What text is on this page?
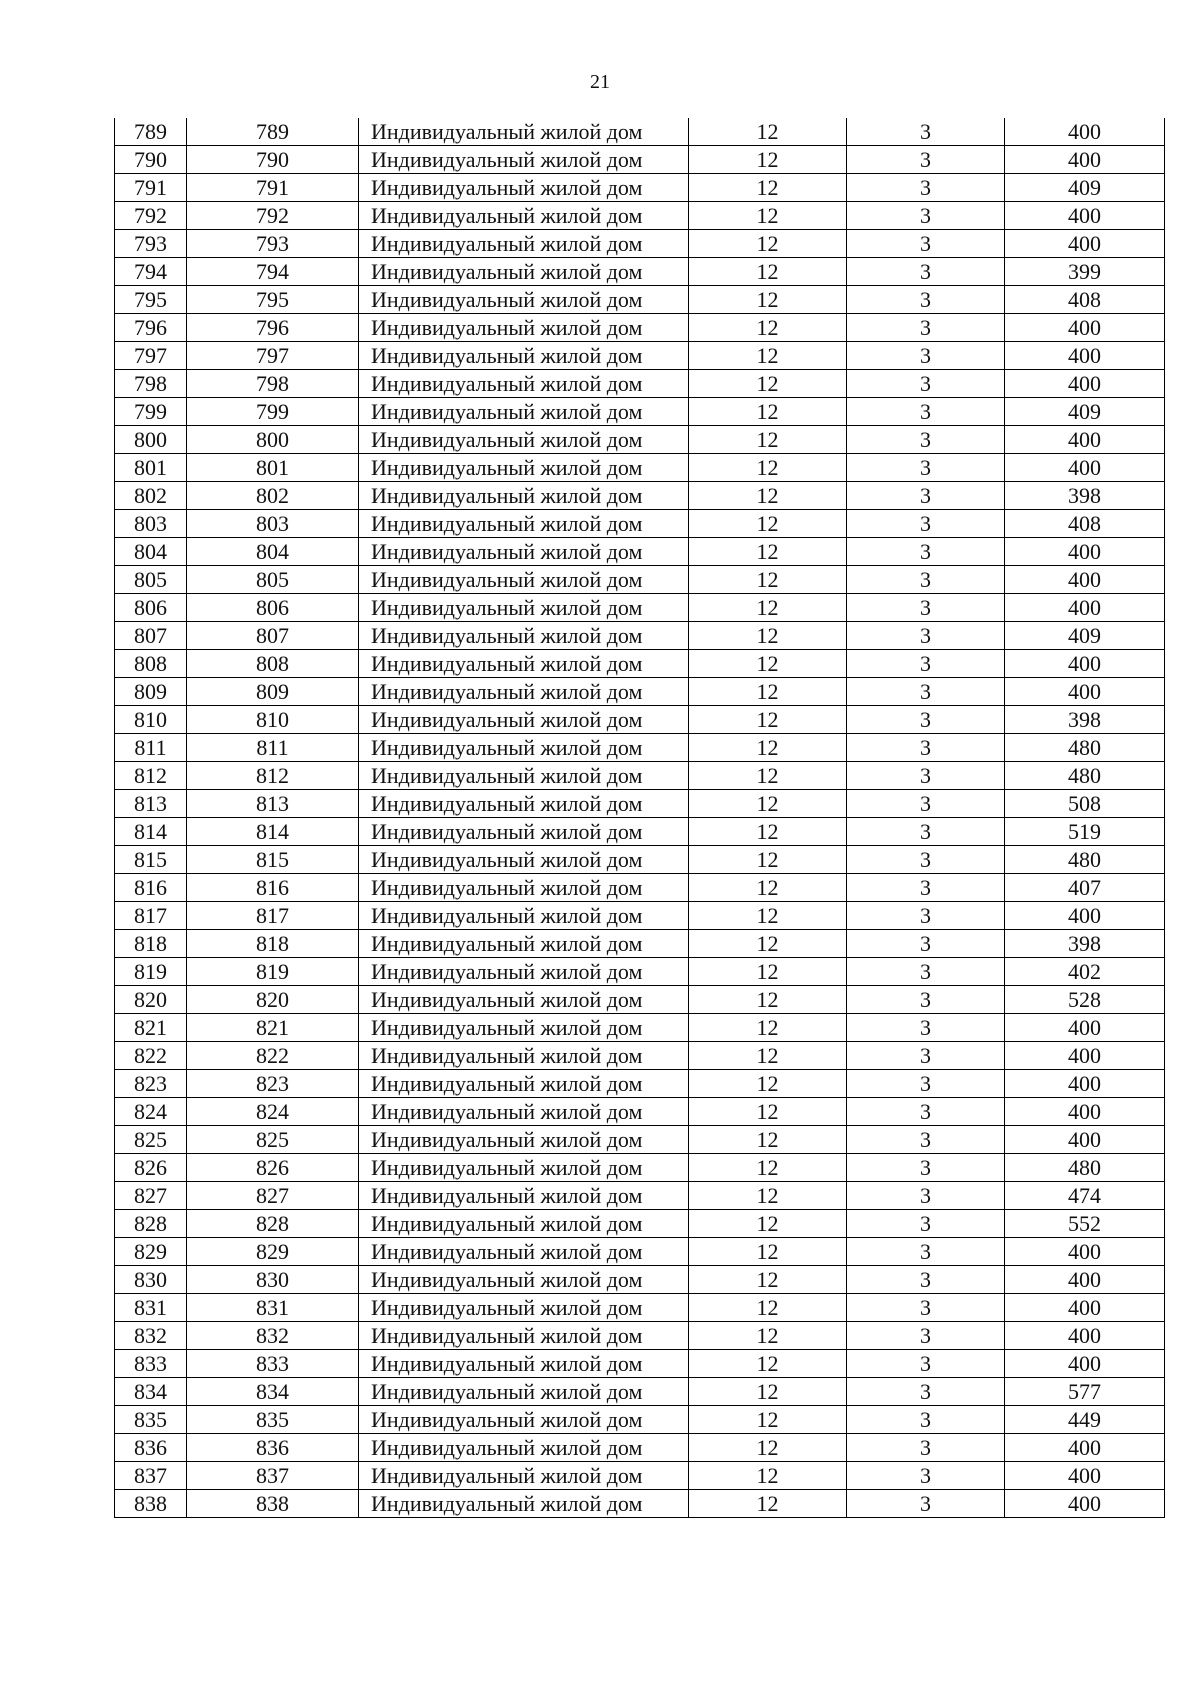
21
789	789	Индивидуальный жилой дом	12	3	400
790	790	Индивидуальный жилой дом	12	3	400
791	791	Индивидуальный жилой дом	12	3	409
792	792	Индивидуальный жилой дом	12	3	400
793	793	Индивидуальный жилой дом	12	3	400
794	794	Индивидуальный жилой дом	12	3	399
795	795	Индивидуальный жилой дом	12	3	408
796	796	Индивидуальный жилой дом	12	3	400
797	797	Индивидуальный жилой дом	12	3	400
798	798	Индивидуальный жилой дом	12	3	400
799	799	Индивидуальный жилой дом	12	3	409
800	800	Индивидуальный жилой дом	12	3	400
801	801	Индивидуальный жилой дом	12	3	400
802	802	Индивидуальный жилой дом	12	3	398
803	803	Индивидуальный жилой дом	12	3	408
804	804	Индивидуальный жилой дом	12	3	400
805	805	Индивидуальный жилой дом	12	3	400
806	806	Индивидуальный жилой дом	12	3	400
807	807	Индивидуальный жилой дом	12	3	409
808	808	Индивидуальный жилой дом	12	3	400
809	809	Индивидуальный жилой дом	12	3	400
810	810	Индивидуальный жилой дом	12	3	398
811	811	Индивидуальный жилой дом	12	3	480
812	812	Индивидуальный жилой дом	12	3	480
813	813	Индивидуальный жилой дом	12	3	508
814	814	Индивидуальный жилой дом	12	3	519
815	815	Индивидуальный жилой дом	12	3	480
816	816	Индивидуальный жилой дом	12	3	407
817	817	Индивидуальный жилой дом	12	3	400
818	818	Индивидуальный жилой дом	12	3	398
819	819	Индивидуальный жилой дом	12	3	402
820	820	Индивидуальный жилой дом	12	3	528
821	821	Индивидуальный жилой дом	12	3	400
822	822	Индивидуальный жилой дом	12	3	400
823	823	Индивидуальный жилой дом	12	3	400
824	824	Индивидуальный жилой дом	12	3	400
825	825	Индивидуальный жилой дом	12	3	400
826	826	Индивидуальный жилой дом	12	3	480
827	827	Индивидуальный жилой дом	12	3	474
828	828	Индивидуальный жилой дом	12	3	552
829	829	Индивидуальный жилой дом	12	3	400
830	830	Индивидуальный жилой дом	12	3	400
831	831	Индивидуальный жилой дом	12	3	400
832	832	Индивидуальный жилой дом	12	3	400
833	833	Индивидуальный жилой дом	12	3	400
834	834	Индивидуальный жилой дом	12	3	577
835	835	Индивидуальный жилой дом	12	3	449
836	836	Индивидуальный жилой дом	12	3	400
837	837	Индивидуальный жилой дом	12	3	400
838	838	Индивидуальный жилой дом	12	3	400
